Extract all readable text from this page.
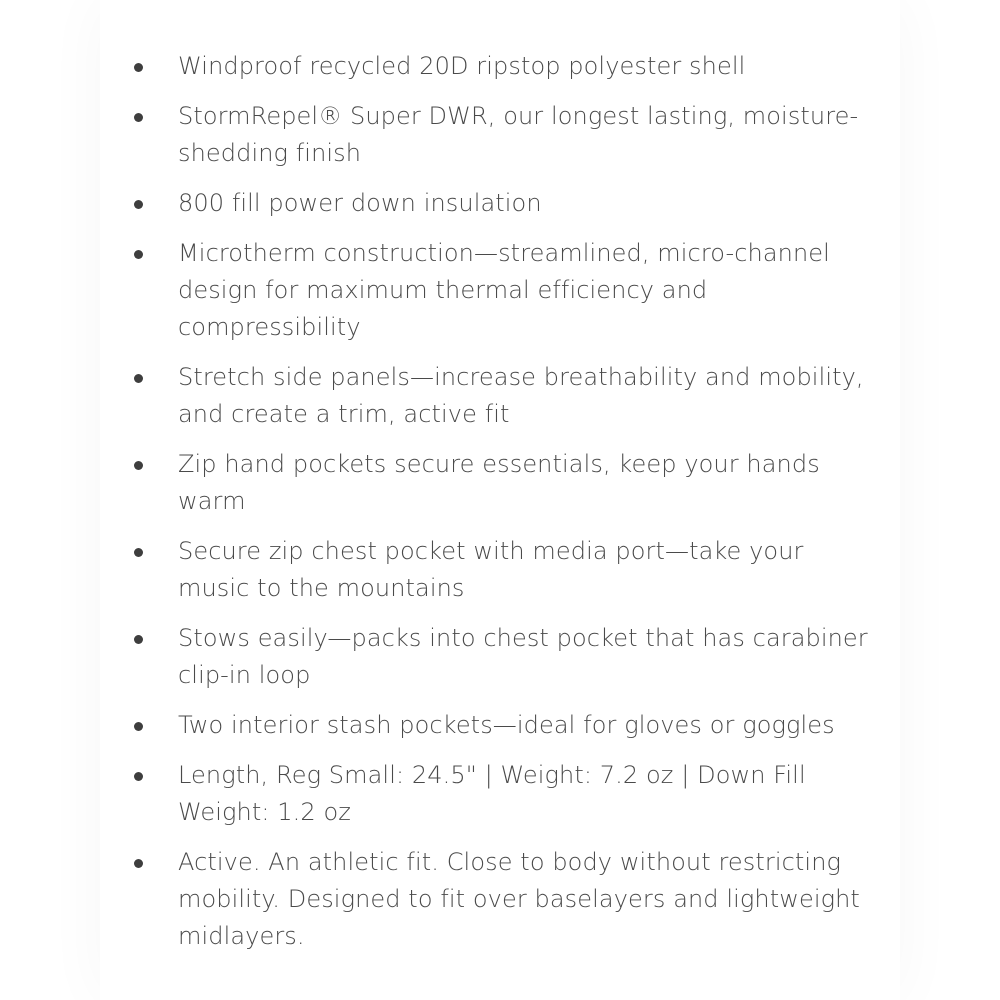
Windproof recycled 20D ripstop polyester shell
StormRepel® Super DWR, our longest lasting, moisture-shedding finish
800 fill power down insulation
Microtherm construction—streamlined, micro-channel design for maximum thermal efficiency and compressibility
Stretch side panels—increase breathability and mobility, and create a trim, active fit
Zip hand pockets secure essentials, keep your hands warm
Secure zip chest pocket with media port—take your music to the mountains
Stows easily—packs into chest pocket that has carabiner clip-in loop
Two interior stash pockets—ideal for gloves or goggles
Length, Reg Small: 24.5" | Weight: 7.2 oz | Down Fill Weight: 1.2 oz
Active. An athletic fit. Close to body without restricting mobility. Designed to fit over baselayers and lightweight midlayers.
